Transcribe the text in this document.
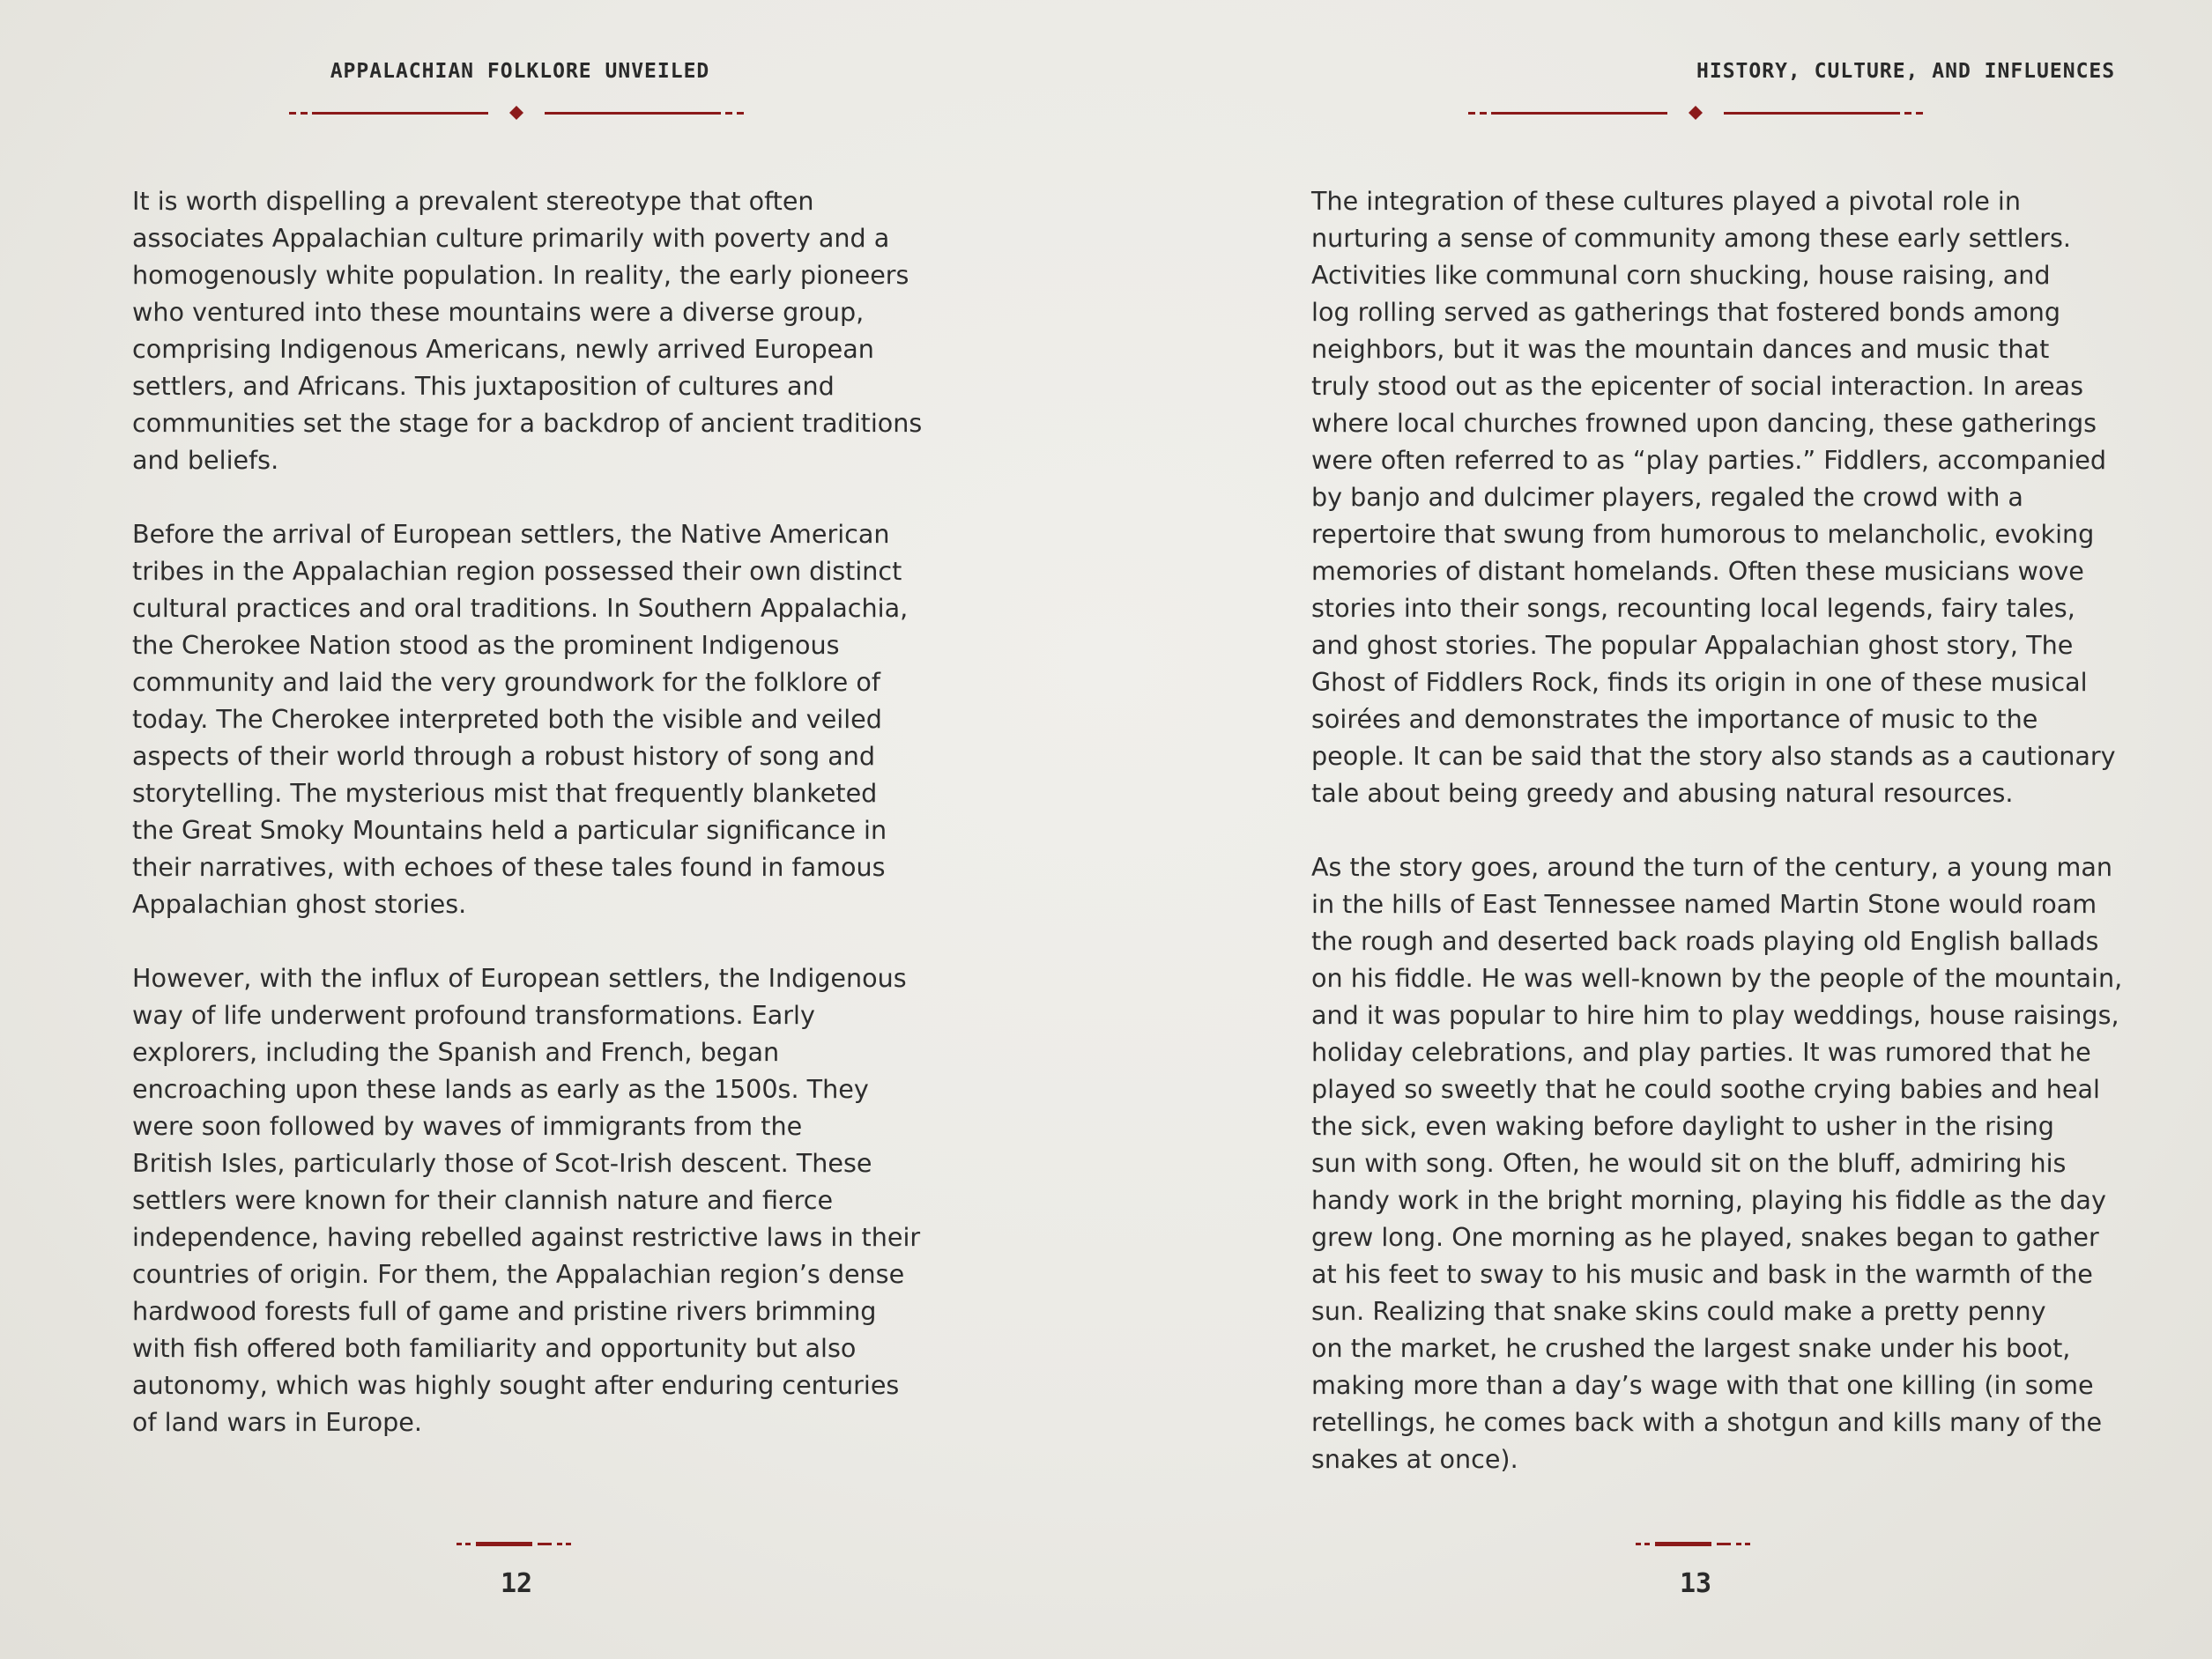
APPALACHIAN FOLKLORE UNVEILED
It is worth dispelling a prevalent stereotype that often
associates Appalachian culture primarily with poverty and a
homogenously white population. In reality, the early pioneers
who ventured into these mountains were a diverse group,
comprising Indigenous Americans, newly arrived European
settlers, and Africans. This juxtaposition of cultures and
communities set the stage for a backdrop of ancient traditions
and beliefs.
Before the arrival of European settlers, the Native American
tribes in the Appalachian region possessed their own distinct
cultural practices and oral traditions. In Southern Appalachia,
the Cherokee Nation stood as the prominent Indigenous
community and laid the very groundwork for the folklore of
today. The Cherokee interpreted both the visible and veiled
aspects of their world through a robust history of song and
storytelling. The mysterious mist that frequently blanketed
the Great Smoky Mountains held a particular significance in
their narratives, with echoes of these tales found in famous
Appalachian ghost stories.
However, with the influx of European settlers, the Indigenous
way of life underwent profound transformations. Early
explorers, including the Spanish and French, began
encroaching upon these lands as early as the 1500s. They
were soon followed by waves of immigrants from the
British Isles, particularly those of Scot-Irish descent. These
settlers were known for their clannish nature and fierce
independence, having rebelled against restrictive laws in their
countries of origin. For them, the Appalachian region’s dense
hardwood forests full of game and pristine rivers brimming
with fish offered both familiarity and opportunity but also
autonomy, which was highly sought after enduring centuries
of land wars in Europe.
12
HISTORY, CULTURE, AND INFLUENCES
The integration of these cultures played a pivotal role in
nurturing a sense of community among these early settlers.
Activities like communal corn shucking, house raising, and
log rolling served as gatherings that fostered bonds among
neighbors, but it was the mountain dances and music that
truly stood out as the epicenter of social interaction. In areas
where local churches frowned upon dancing, these gatherings
were often referred to as “play parties.” Fiddlers, accompanied
by banjo and dulcimer players, regaled the crowd with a
repertoire that swung from humorous to melancholic, evoking
memories of distant homelands. Often these musicians wove
stories into their songs, recounting local legends, fairy tales,
and ghost stories. The popular Appalachian ghost story, The
Ghost of Fiddlers Rock, finds its origin in one of these musical
soirées and demonstrates the importance of music to the
people. It can be said that the story also stands as a cautionary
tale about being greedy and abusing natural resources.
As the story goes, around the turn of the century, a young man
in the hills of East Tennessee named Martin Stone would roam
the rough and deserted back roads playing old English ballads
on his fiddle. He was well-known by the people of the mountain,
and it was popular to hire him to play weddings, house raisings,
holiday celebrations, and play parties. It was rumored that he
played so sweetly that he could soothe crying babies and heal
the sick, even waking before daylight to usher in the rising
sun with song. Often, he would sit on the bluff, admiring his
handy work in the bright morning, playing his fiddle as the day
grew long. One morning as he played, snakes began to gather
at his feet to sway to his music and bask in the warmth of the
sun. Realizing that snake skins could make a pretty penny
on the market, he crushed the largest snake under his boot,
making more than a day’s wage with that one killing (in some
retellings, he comes back with a shotgun and kills many of the
snakes at once).
13
